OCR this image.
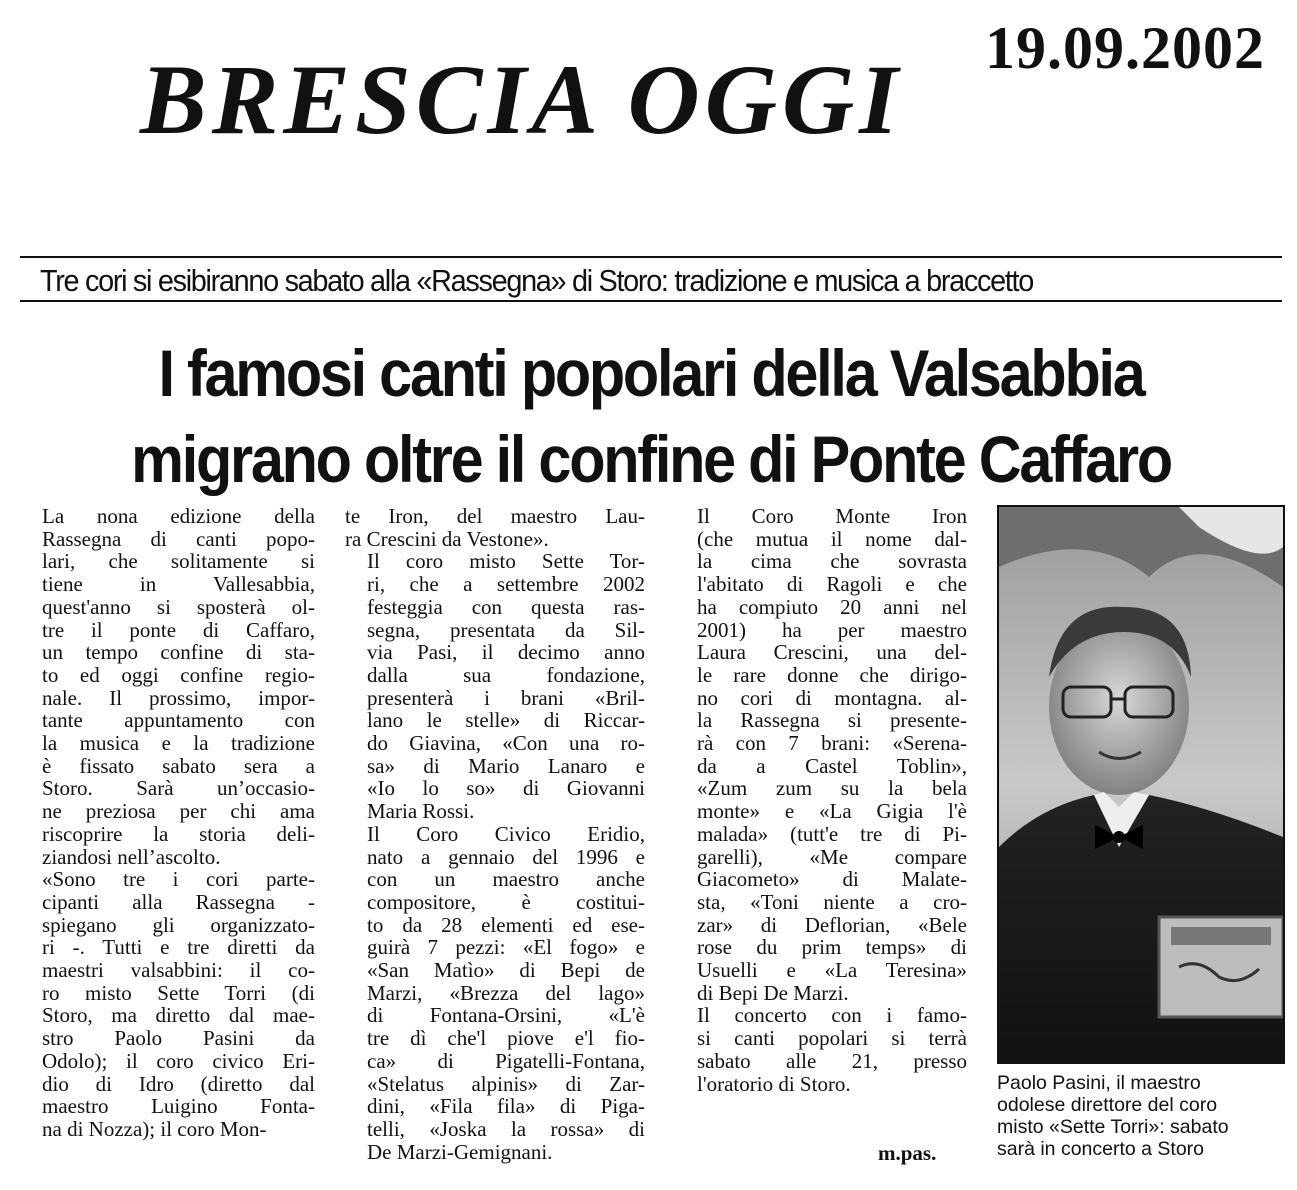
BRESCIA OGGI 19.09.2002
Tre cori si esibiranno sabato alla «Rassegna» di Storo: tradizione e musica a braccetto
I famosi canti popolari della Valsabbia
migrano oltre il confine di Ponte Caffaro

La nona edizione della
Rassegna di canti popo-
lari, che solitamente si
tiene in Vallesabbia,
quest'anno si sposterà ol-
tre il ponte di Caffaro,
un tempo confine di sta-
to ed oggi confine regio-
nale. Il prossimo, impor-
tante appuntamento con
la musica e la tradizione
è fissato sabato sera a
Storo. Sarà un’occasio-
ne preziosa per chi ama
riscoprire la storia deli-
ziandosi nell’ascolto.

«Sono tre i cori parte-
cipanti alla Rassegna -
spiegano gli organizzato-
ri -. Tutti e tre diretti da
maestri valsabbini: il co-
ro misto Sette Torri (di
Storo, ma diretto dal mae-
stro Paolo Pasini da
Odolo); il coro civico Eri-
dio di Idro (diretto dal
maestro Luigino Fonta-
na di Nozza); il coro Mon-

te Iron, del maestro Lau-
ra Crescini da Vestone».

Il coro misto Sette Tor-
ri, che a settembre 2002
festeggia con questa ras-
segna, presentata da Sil-
via Pasi, il decimo anno
dalla sua fondazione,
presenterà i brani «Bril-
lano le stelle» di Riccar-
do Giavina, «Con una ro-
sa» di Mario Lanaro e
«Io lo so» di Giovanni
Maria Rossi.

Il Coro Civico Eridio,
nato a gennaio del 1996 e
con un maestro anche
compositore, è costitui-
to da 28 elementi ed ese-
guirà 7 pezzi: «El fogo» e
«San Matìo» di Bepi de
Marzi, «Brezza del lago»
di Fontana-Orsini, «L'è
tre dì che'l piove e'l fio-
ca» di Pigatelli-Fontana,
«Stelatus alpinis» di Zar-
dini, «Fila fila» di Piga-
telli, «Joska la rossa» di
De Marzi-Gemignani.

Il Coro Monte Iron
(che mutua il nome dal-
la cima che sovrasta
l'abitato di Ragoli e che
ha compiuto 20 anni nel
2001) ha per maestro
Laura Crescini, una del-
le rare donne che dirigo-
no cori di montagna. al-
la Rassegna si presente-
rà con 7 brani: «Serena-
da a Castel Toblin»,
«Zum zum su la bela
monte» e «La Gigia l'è
malada» (tutt'e tre di Pi-
garelli), «Me compare
Giacometo» di Malate-
sta, «Toni niente a cro-
zar» di Deflorian, «Bele
rose du prim temps» di
Usuelli e «La Teresina»
di Bepi De Marzi.

Il concerto con i famo-
si canti popolari si terrà
sabato alle 21, presso
l'oratorio di Storo.

m.pas.
Paolo Pasini, il maestro
odolese direttore del coro
misto «Sette Torri»: sabato
sarà in concerto a Storo
